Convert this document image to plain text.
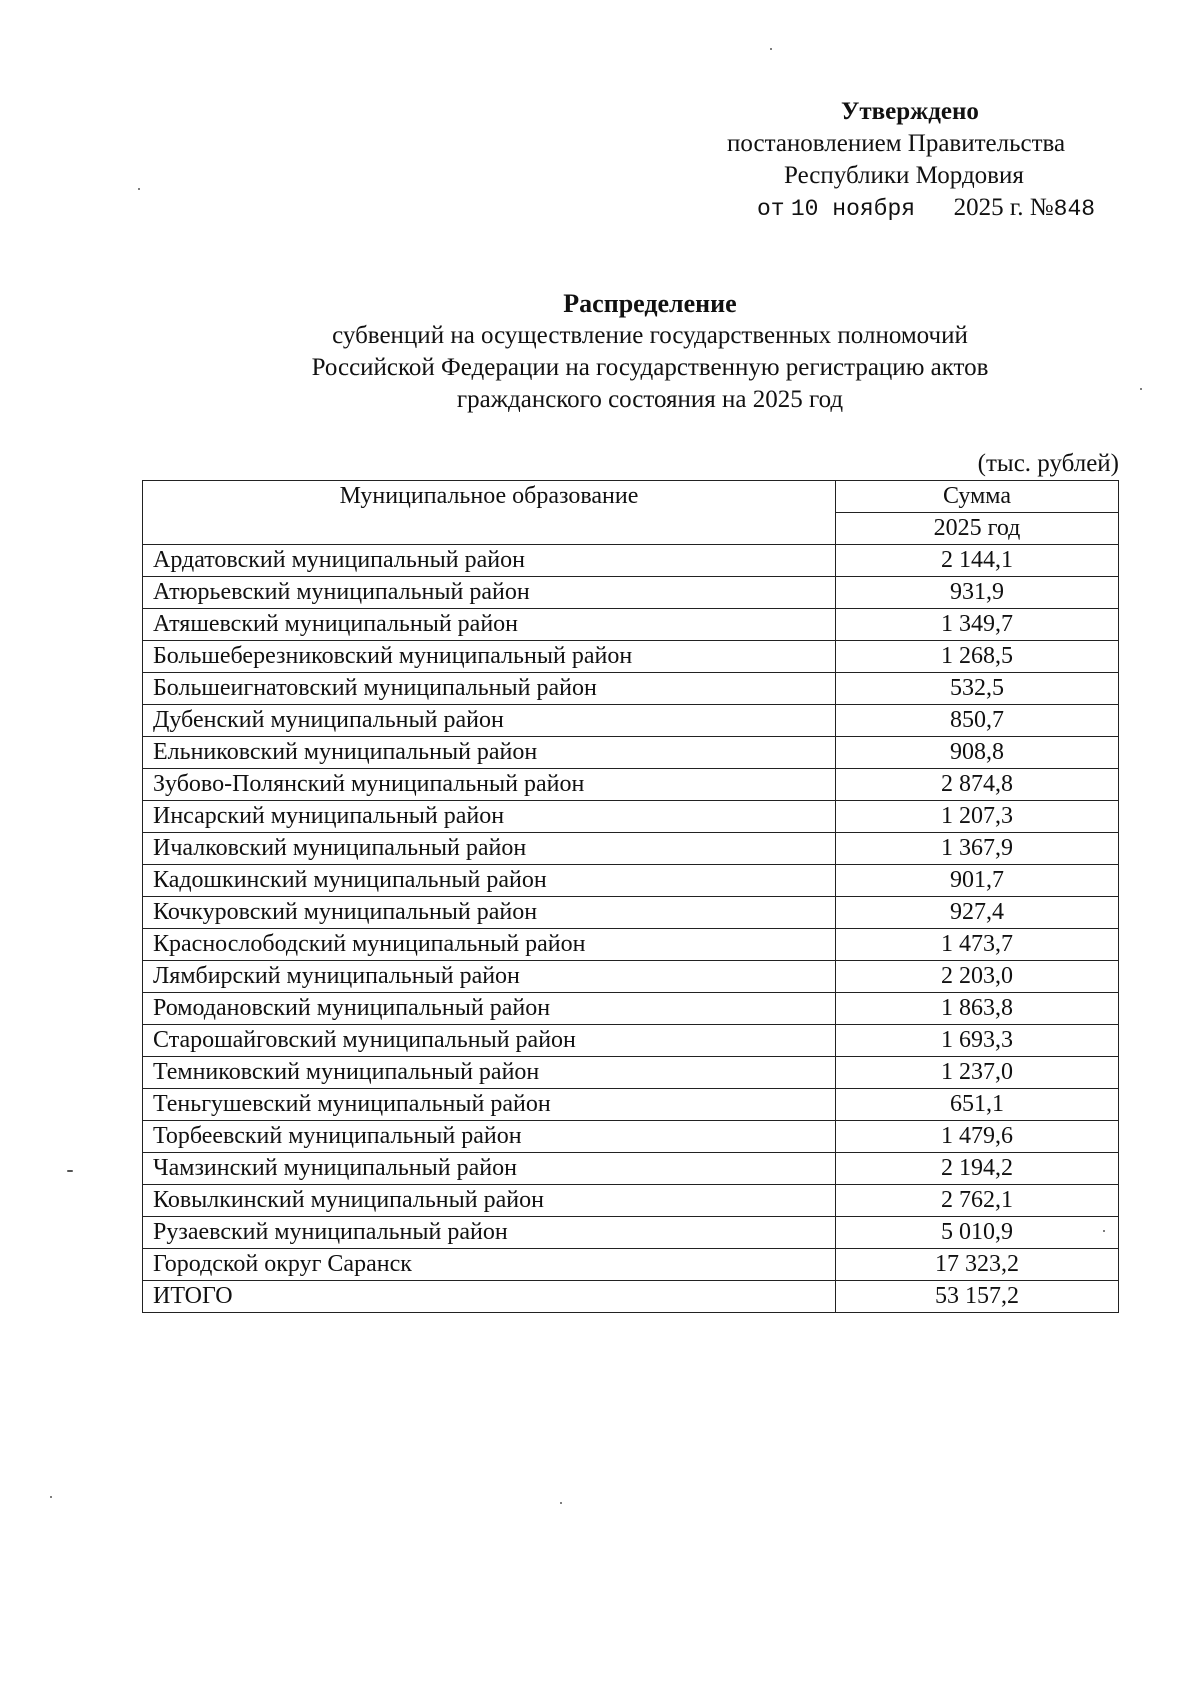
Утверждено
постановлением Правительства
Республики Мордовия
от 10 ноября 2025 г. №848
Распределение
субвенций на осуществление государственных полномочий
Российской Федерации на государственную регистрацию актов
гражданского состояния на 2025 год
(тыс. рублей)
Муниципальное образование	Сумма
	2025 год
Ардатовский муниципальный район	2 144,1
Атюрьевский муниципальный район	931,9
Атяшевский муниципальный район	1 349,7
Большеберезниковский муниципальный район	1 268,5
Большеигнатовский муниципальный район	532,5
Дубенский муниципальный район	850,7
Ельниковский муниципальный район	908,8
Зубово-Полянский муниципальный район	2 874,8
Инсарский муниципальный район	1 207,3
Ичалковский муниципальный район	1 367,9
Кадошкинский муниципальный район	901,7
Кочкуровский муниципальный район	927,4
Краснослободский муниципальный район	1 473,7
Лямбирский муниципальный район	2 203,0
Ромодановский муниципальный район	1 863,8
Старошайговский муниципальный район	1 693,3
Темниковский муниципальный район	1 237,0
Теньгушевский муниципальный район	651,1
Торбеевский муниципальный район	1 479,6
Чамзинский муниципальный район	2 194,2
Ковылкинский муниципальный район	2 762,1
Рузаевский муниципальный район	5 010,9
Городской округ Саранск	17 323,2
ИТОГО	53 157,2
